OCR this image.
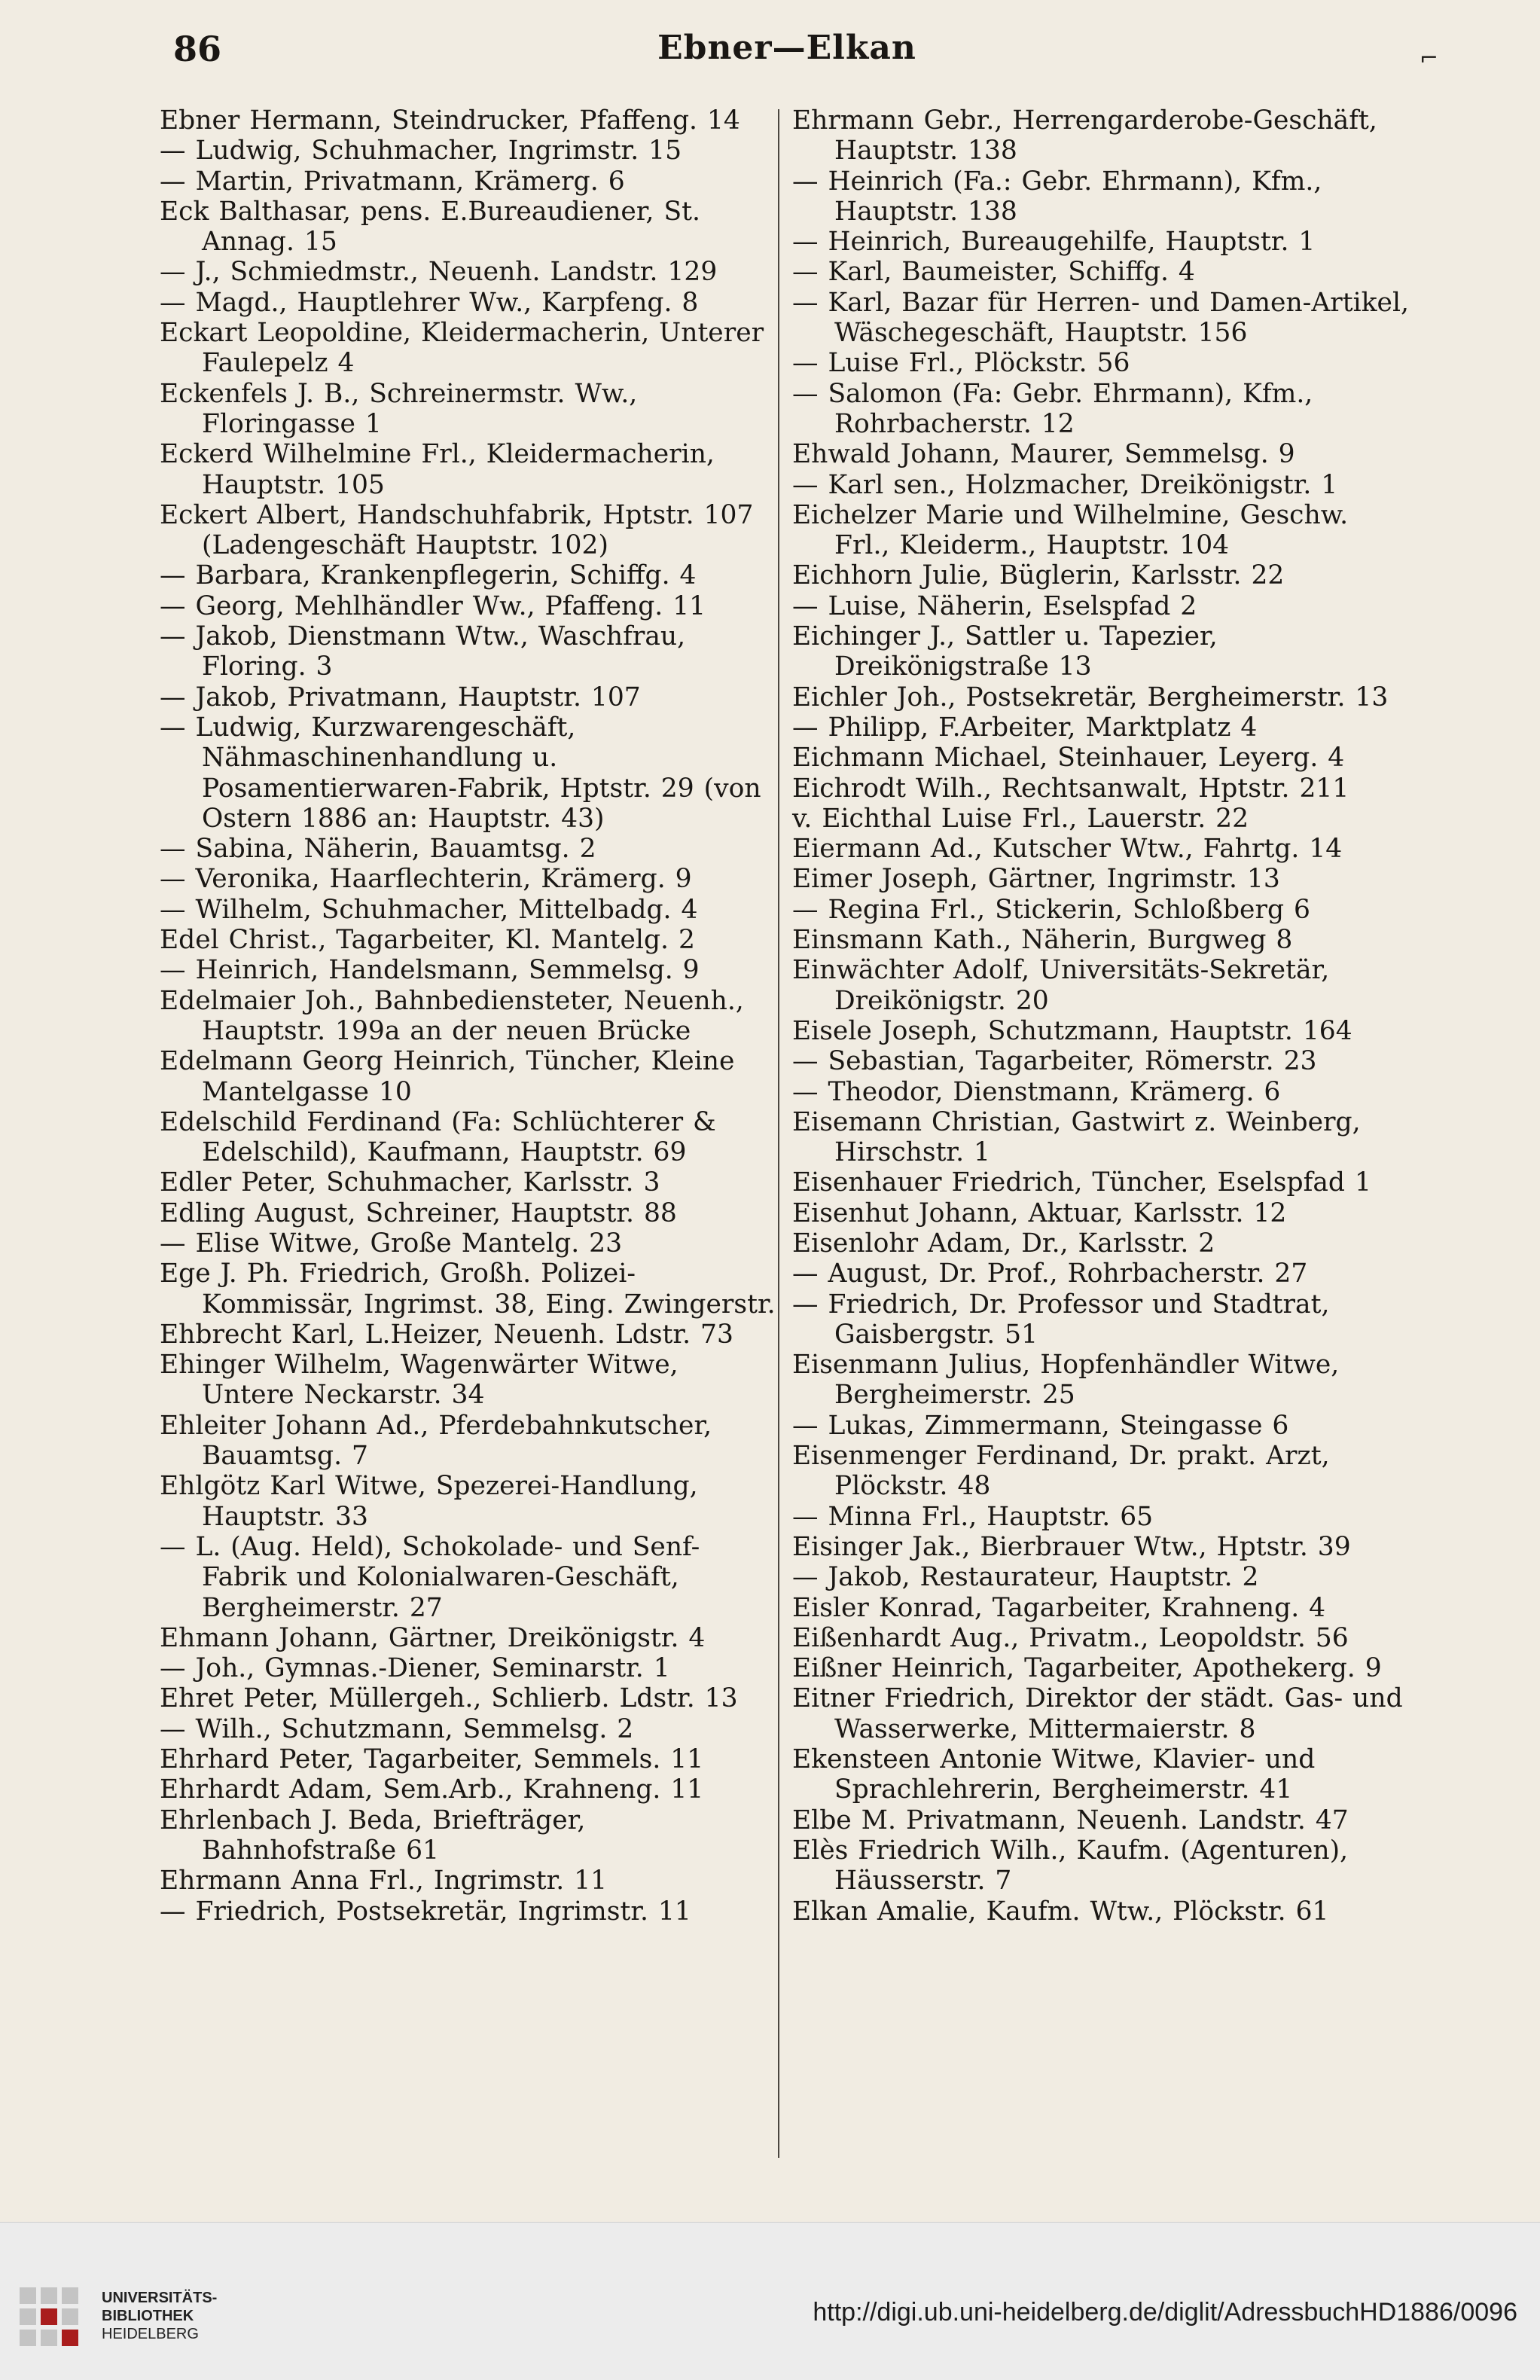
86	Ebner—Elkan	⌐
Ebner Hermann, Steindrucker, Pfaffeng. 14
— Ludwig, Schuhmacher, Ingrimstr. 15
— Martin, Privatmann, Krämerg. 6
Eck Balthasar, pens. E.Bureaudiener, St. Annag. 15
— J., Schmiedmstr., Neuenh. Landstr. 129
— Magd., Hauptlehrer Ww., Karpfeng. 8
Eckart Leopoldine, Kleidermacherin, Unterer Faulepelz 4
Eckenfels J. B., Schreinermstr. Ww., Floringasse 1
Eckerd Wilhelmine Frl., Kleidermacherin, Hauptstr. 105
Eckert Albert, Handschuhfabrik, Hptstr. 107 (Ladengeschäft Hauptstr. 102)
— Barbara, Krankenpflegerin, Schiffg. 4
— Georg, Mehlhändler Ww., Pfaffeng. 11
— Jakob, Dienstmann Wtw., Waschfrau, Floring. 3
— Jakob, Privatmann, Hauptstr. 107
— Ludwig, Kurzwarengeschäft, Nähmaschinenhandlung u. Posamentierwaren-Fabrik, Hptstr. 29 (von Ostern 1886 an: Hauptstr. 43)
— Sabina, Näherin, Bauamtsg. 2
— Veronika, Haarflechterin, Krämerg. 9
— Wilhelm, Schuhmacher, Mittelbadg. 4
Edel Christ., Tagarbeiter, Kl. Mantelg. 2
— Heinrich, Handelsmann, Semmelsg. 9
Edelmaier Joh., Bahnbediensteter, Neuenh., Hauptstr. 199a an der neuen Brücke
Edelmann Georg Heinrich, Tüncher, Kleine Mantelgasse 10
Edelschild Ferdinand (Fa: Schlüchterer & Edelschild), Kaufmann, Hauptstr. 69
Edler Peter, Schuhmacher, Karlsstr. 3
Edling August, Schreiner, Hauptstr. 88
— Elise Witwe, Große Mantelg. 23
Ege J. Ph. Friedrich, Großh. Polizei-Kommissär, Ingrimst. 38, Eing. Zwingerstr.
Ehbrecht Karl, L.Heizer, Neuenh. Ldstr. 73
Ehinger Wilhelm, Wagenwärter Witwe, Untere Neckarstr. 34
Ehleiter Johann Ad., Pferdebahnkutscher, Bauamtsg. 7
Ehlgötz Karl Witwe, Spezerei-Handlung, Hauptstr. 33
— L. (Aug. Held), Schokolade- und Senf-Fabrik und Kolonialwaren-Geschäft, Bergheimerstr. 27
Ehmann Johann, Gärtner, Dreikönigstr. 4
— Joh., Gymnas.-Diener, Seminarstr. 1
Ehret Peter, Müllergeh., Schlierb. Ldstr. 13
— Wilh., Schutzmann, Semmelsg. 2
Ehrhard Peter, Tagarbeiter, Semmels. 11
Ehrhardt Adam, Sem.Arb., Krahneng. 11
Ehrlenbach J. Beda, Briefträger, Bahnhofstraße 61
Ehrmann Anna Frl., Ingrimstr. 11
— Friedrich, Postsekretär, Ingrimstr. 11
Ehrmann Gebr., Herrengarderobe-Geschäft, Hauptstr. 138
— Heinrich (Fa.: Gebr. Ehrmann), Kfm., Hauptstr. 138
— Heinrich, Bureaugehilfe, Hauptstr. 1
— Karl, Baumeister, Schiffg. 4
— Karl, Bazar für Herren- und Damen-Artikel, Wäschegeschäft, Hauptstr. 156
— Luise Frl., Plöckstr. 56
— Salomon (Fa: Gebr. Ehrmann), Kfm., Rohrbacherstr. 12
Ehwald Johann, Maurer, Semmelsg. 9
— Karl sen., Holzmacher, Dreikönigstr. 1
Eichelzer Marie und Wilhelmine, Geschw. Frl., Kleiderm., Hauptstr. 104
Eichhorn Julie, Büglerin, Karlsstr. 22
— Luise, Näherin, Eselspfad 2
Eichinger J., Sattler u. Tapezier, Dreikönigstraße 13
Eichler Joh., Postsekretär, Bergheimerstr. 13
— Philipp, F.Arbeiter, Marktplatz 4
Eichmann Michael, Steinhauer, Leyerg. 4
Eichrodt Wilh., Rechtsanwalt, Hptstr. 211
v. Eichthal Luise Frl., Lauerstr. 22
Eiermann Ad., Kutscher Wtw., Fahrtg. 14
Eimer Joseph, Gärtner, Ingrimstr. 13
— Regina Frl., Stickerin, Schloßberg 6
Einsmann Kath., Näherin, Burgweg 8
Einwächter Adolf, Universitäts-Sekretär, Dreikönigstr. 20
Eisele Joseph, Schutzmann, Hauptstr. 164
— Sebastian, Tagarbeiter, Römerstr. 23
— Theodor, Dienstmann, Krämerg. 6
Eisemann Christian, Gastwirt z. Weinberg, Hirschstr. 1
Eisenhauer Friedrich, Tüncher, Eselspfad 1
Eisenhut Johann, Aktuar, Karlsstr. 12
Eisenlohr Adam, Dr., Karlsstr. 2
— August, Dr. Prof., Rohrbacherstr. 27
— Friedrich, Dr. Professor und Stadtrat, Gaisbergstr. 51
Eisenmann Julius, Hopfenhändler Witwe, Bergheimerstr. 25
— Lukas, Zimmermann, Steingasse 6
Eisenmenger Ferdinand, Dr. prakt. Arzt, Plöckstr. 48
— Minna Frl., Hauptstr. 65
Eisinger Jak., Bierbrauer Wtw., Hptstr. 39
— Jakob, Restaurateur, Hauptstr. 2
Eisler Konrad, Tagarbeiter, Krahneng. 4
Eißenhardt Aug., Privatm., Leopoldstr. 56
Eißner Heinrich, Tagarbeiter, Apothekerg. 9
Eitner Friedrich, Direktor der städt. Gas- und Wasserwerke, Mittermaierstr. 8
Ekensteen Antonie Witwe, Klavier- und Sprachlehrerin, Bergheimerstr. 41
Elbe M. Privatmann, Neuenh. Landstr. 47
Elès Friedrich Wilh., Kaufm. (Agenturen), Häusserstr. 7
Elkan Amalie, Kaufm. Wtw., Plöckstr. 61
UNIVERSITÄTS-
BIBLIOTHEK
HEIDELBERG
http://digi.ub.uni-heidelberg.de/diglit/AdressbuchHD1886/0096
